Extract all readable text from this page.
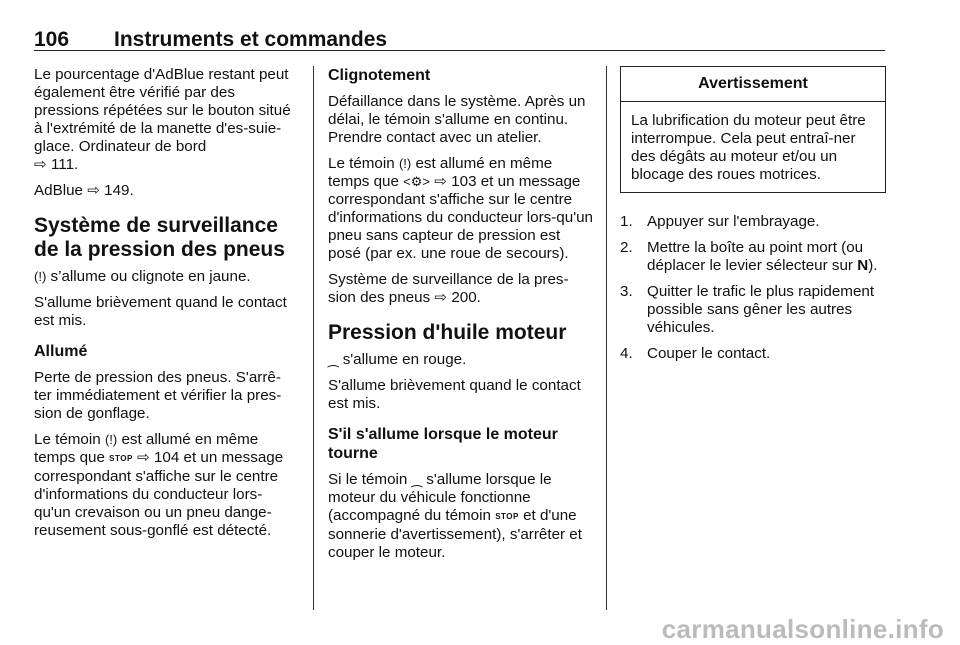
106 Instruments et commandes

Le pourcentage d'AdBlue restant peut également être vérifié par des pressions répétées sur le bouton situé à l'extrémité de la manette d'es-suie-glace. Ordinateur de bord
⇨ 111.

AdBlue ⇨ 149.

Système de surveillance de la pression des pneus

(!) s’allume ou clignote en jaune.

S'allume brièvement quand le contact est mis.

Allumé

Perte de pression des pneus. S'arrê-ter immédiatement et vérifier la pres-sion de gonflage.

Le témoin (!) est allumé en même temps que STOP ⇨ 104 et un message correspondant s'affiche sur le centre d'informations du conducteur lors-qu'un crevaison ou un pneu dange-reusement sous-gonflé est détecté.

Clignotement

Défaillance dans le système. Après un délai, le témoin s'allume en continu. Prendre contact avec un atelier.

Le témoin (!) est allumé en même temps que <⚙> ⇨ 103 et un message correspondant s'affiche sur le centre d'informations du conducteur lors-qu'un pneu sans capteur de pression est posé (par ex. une roue de secours).

Système de surveillance de la pres-sion des pneus ⇨ 200.

Pression d'huile moteur

⁔ s'allume en rouge.

S'allume brièvement quand le contact est mis.

S'il s'allume lorsque le moteur tourne

Si le témoin ⁔ s'allume lorsque le moteur du véhicule fonctionne (accompagné du témoin STOP et d'une sonnerie d'avertissement), s'arrêter et couper le moteur.

Avertissement
La lubrification du moteur peut être interrompue. Cela peut entraî-ner des dégâts au moteur et/ou un blocage des roues motrices.
1. Appuyer sur l'embrayage.
2. Mettre la boîte au point mort (ou déplacer le levier sélecteur sur N).
3. Quitter le trafic le plus rapidement possible sans gêner les autres véhicules.
4. Couper le contact.
carmanualsonline.info
